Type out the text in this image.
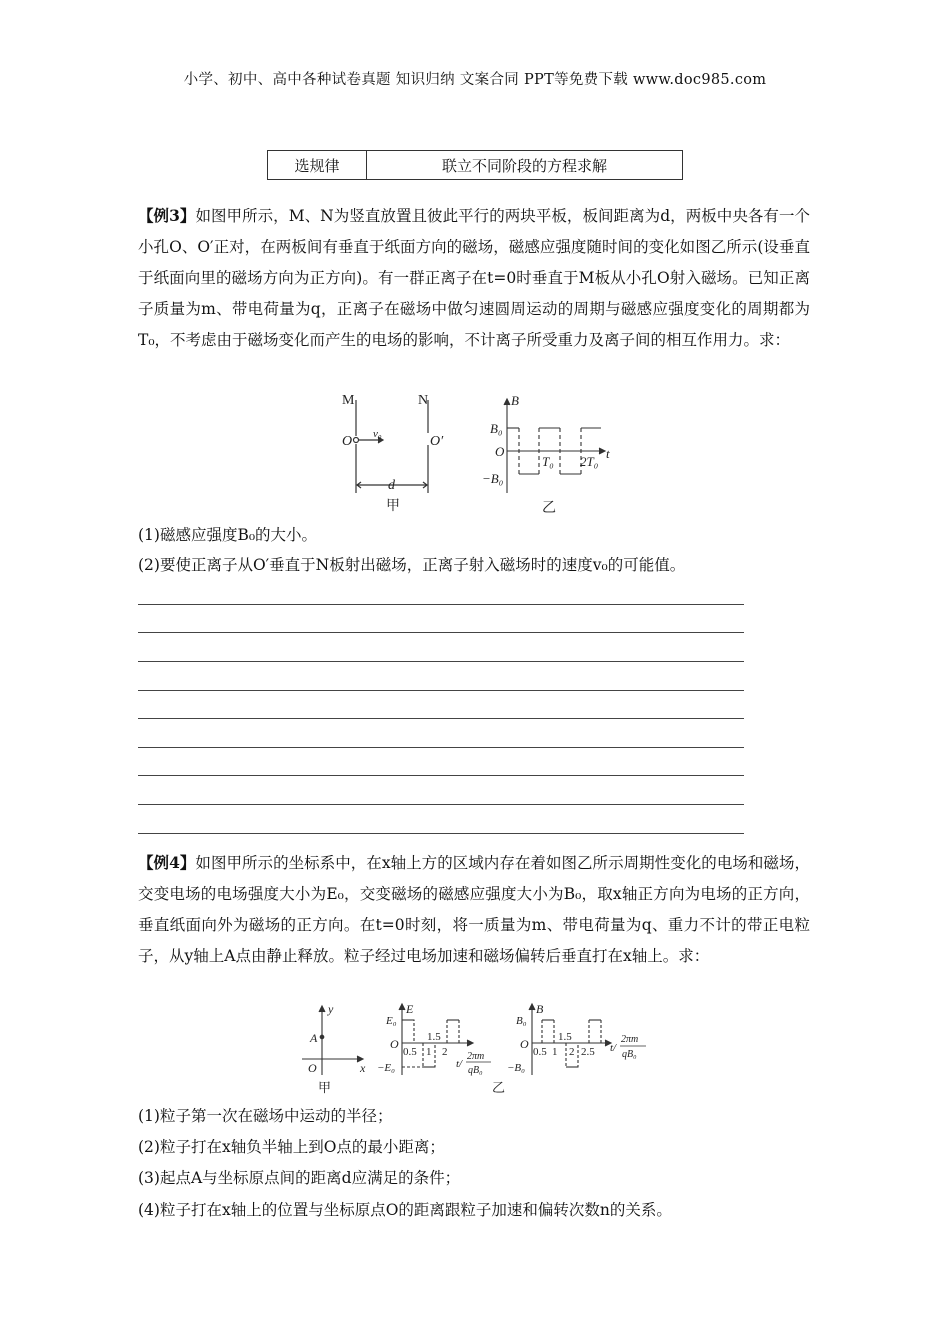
小学、初中、高中各种试卷真题 知识归纳 文案合同 PPT等免费下载 www.doc985.com
选规律	联立不同阶段的方程求解
【例3】如图甲所示，M、N为竖直放置且彼此平行的两块平板，板间距离为d，两板中央各有一个小孔O、O′正对，在两板间有垂直于纸面方向的磁场，磁感应强度随时间的变化如图乙所示(设垂直于纸面向里的磁场方向为正方向)。有一群正离子在t=0时垂直于M板从小孔O射入磁场。已知正离子质量为m、带电荷量为q，正离子在磁场中做匀速圆周运动的周期与磁感应强度变化的周期都为T₀，不考虑由于磁场变化而产生的电场的影响，不计离子所受重力及离子间的相互作用力。求：
M	N
O	O′
v₀
d
甲
B
B₀
O
−B₀
T₀ 2T₀
t
乙
(1)磁感应强度B₀的大小。
(2)要使正离子从O′垂直于N板射出磁场，正离子射入磁场时的速度v₀的可能值。
【例4】如图甲所示的坐标系中，在x轴上方的区域内存在着如图乙所示周期性变化的电场和磁场，交变电场的电场强度大小为E₀，交变磁场的磁感应强度大小为B₀，取x轴正方向为电场的正方向，垂直纸面向外为磁场的正方向。在t=0时刻，将一质量为m、带电荷量为q、重力不计的带正电粒子，从y轴上A点由静止释放。粒子经过电场加速和磁场偏转后垂直打在x轴上。求：
y
A
O	x
甲
E
E₀
O
−E₀
0.5 1
1.5
2
t/
2πm
qB₀
B
B₀
O
−B₀
0.5 1
1.5
2 2.5 t/
2πm
qB₀
乙
(1)粒子第一次在磁场中运动的半径；
(2)粒子打在x轴负半轴上到O点的最小距离；
(3)起点A与坐标原点间的距离d应满足的条件；
(4)粒子打在x轴上的位置与坐标原点O的距离跟粒子加速和偏转次数n的关系。
